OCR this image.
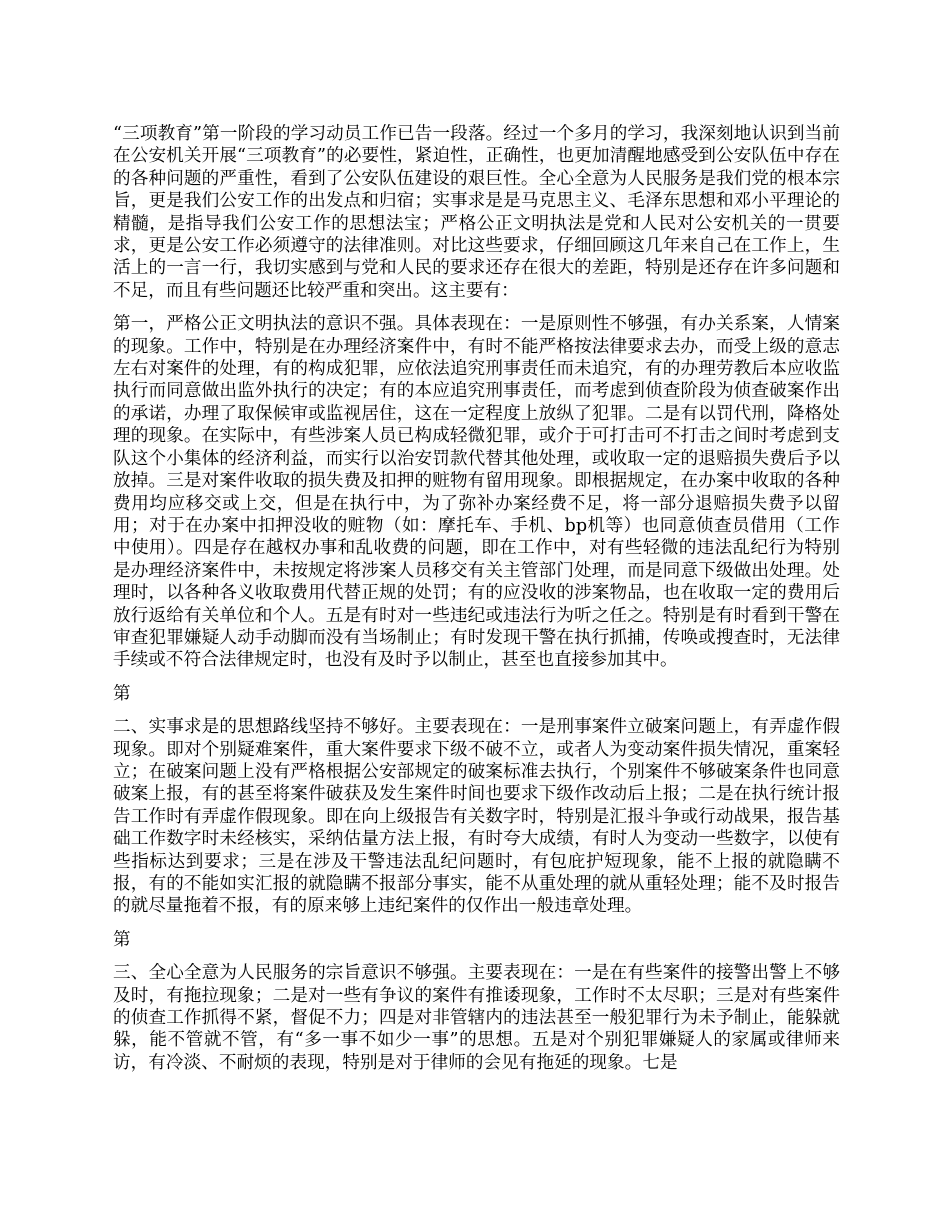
“三项教育”第一阶段的学习动员工作已告一段落。经过一个多月的学习，我深刻地认识到当前在公安机关开展“三项教育”的必要性，紧迫性，正确性，也更加清醒地感受到公安队伍中存在的各种问题的严重性，看到了公安队伍建设的艰巨性。全心全意为人民服务是我们党的根本宗旨，更是我们公安工作的出发点和归宿；实事求是是马克思主义、毛泽东思想和邓小平理论的精髓，是指导我们公安工作的思想法宝；严格公正文明执法是党和人民对公安机关的一贯要求，更是公安工作必须遵守的法律准则。对比这些要求，仔细回顾这几年来自己在工作上，生活上的一言一行，我切实感到与党和人民的要求还存在很大的差距，特别是还存在许多问题和不足，而且有些问题还比较严重和突出。这主要有：

第一，严格公正文明执法的意识不强。具体表现在：一是原则性不够强，有办关系案，人情案的现象。工作中，特别是在办理经济案件中，有时不能严格按法律要求去办，而受上级的意志左右对案件的处理，有的构成犯罪，应依法追究刑事责任而未追究，有的办理劳教后本应收监执行而同意做出监外执行的决定；有的本应追究刑事责任，而考虑到侦查阶段为侦查破案作出的承诺，办理了取保候审或监视居住，这在一定程度上放纵了犯罪。二是有以罚代刑，降格处理的现象。在实际中，有些涉案人员已构成轻微犯罪，或介于可打击可不打击之间时考虑到支队这个小集体的经济利益，而实行以治安罚款代替其他处理，或收取一定的退赔损失费后予以放掉。三是对案件收取的损失费及扣押的赃物有留用现象。即根据规定，在办案中收取的各种费用均应移交或上交，但是在执行中，为了弥补办案经费不足，将一部分退赔损失费予以留用；对于在办案中扣押没收的赃物（如：摩托车、手机、bp机等）也同意侦查员借用（工作中使用）。四是存在越权办事和乱收费的问题，即在工作中，对有些轻微的违法乱纪行为特别是办理经济案件中，未按规定将涉案人员移交有关主管部门处理，而是同意下级做出处理。处理时，以各种各义收取费用代替正规的处罚；有的应没收的涉案物品，也在收取一定的费用后放行返给有关单位和个人。五是有时对一些违纪或违法行为听之任之。特别是有时看到干警在审查犯罪嫌疑人动手动脚而没有当场制止；有时发现干警在执行抓捕，传唤或搜查时，无法律手续或不符合法律规定时，也没有及时予以制止，甚至也直接参加其中。

第

二、实事求是的思想路线坚持不够好。主要表现在：一是刑事案件立破案问题上，有弄虚作假现象。即对个别疑难案件，重大案件要求下级不破不立，或者人为变动案件损失情况，重案轻立；在破案问题上没有严格根据公安部规定的破案标准去执行，个别案件不够破案条件也同意破案上报，有的甚至将案件破获及发生案件时间也要求下级作改动后上报；二是在执行统计报告工作时有弄虚作假现象。即在向上级报告有关数字时，特别是汇报斗争或行动战果，报告基础工作数字时未经核实，采纳估量方法上报，有时夸大成绩，有时人为变动一些数字，以使有些指标达到要求；三是在涉及干警违法乱纪问题时，有包庇护短现象，能不上报的就隐瞒不报，有的不能如实汇报的就隐瞒不报部分事实，能不从重处理的就从重轻处理；能不及时报告的就尽量拖着不报，有的原来够上违纪案件的仅作出一般违章处理。

第

三、全心全意为人民服务的宗旨意识不够强。主要表现在：一是在有些案件的接警出警上不够及时，有拖拉现象；二是对一些有争议的案件有推诿现象，工作时不太尽职；三是对有些案件的侦查工作抓得不紧，督促不力；四是对非管辖内的违法甚至一般犯罪行为未予制止，能躲就躲，能不管就不管，有“多一事不如少一事”的思想。五是对个别犯罪嫌疑人的家属或律师来访，有冷淡、不耐烦的表现，特别是对于律师的会见有拖延的现象。七是
